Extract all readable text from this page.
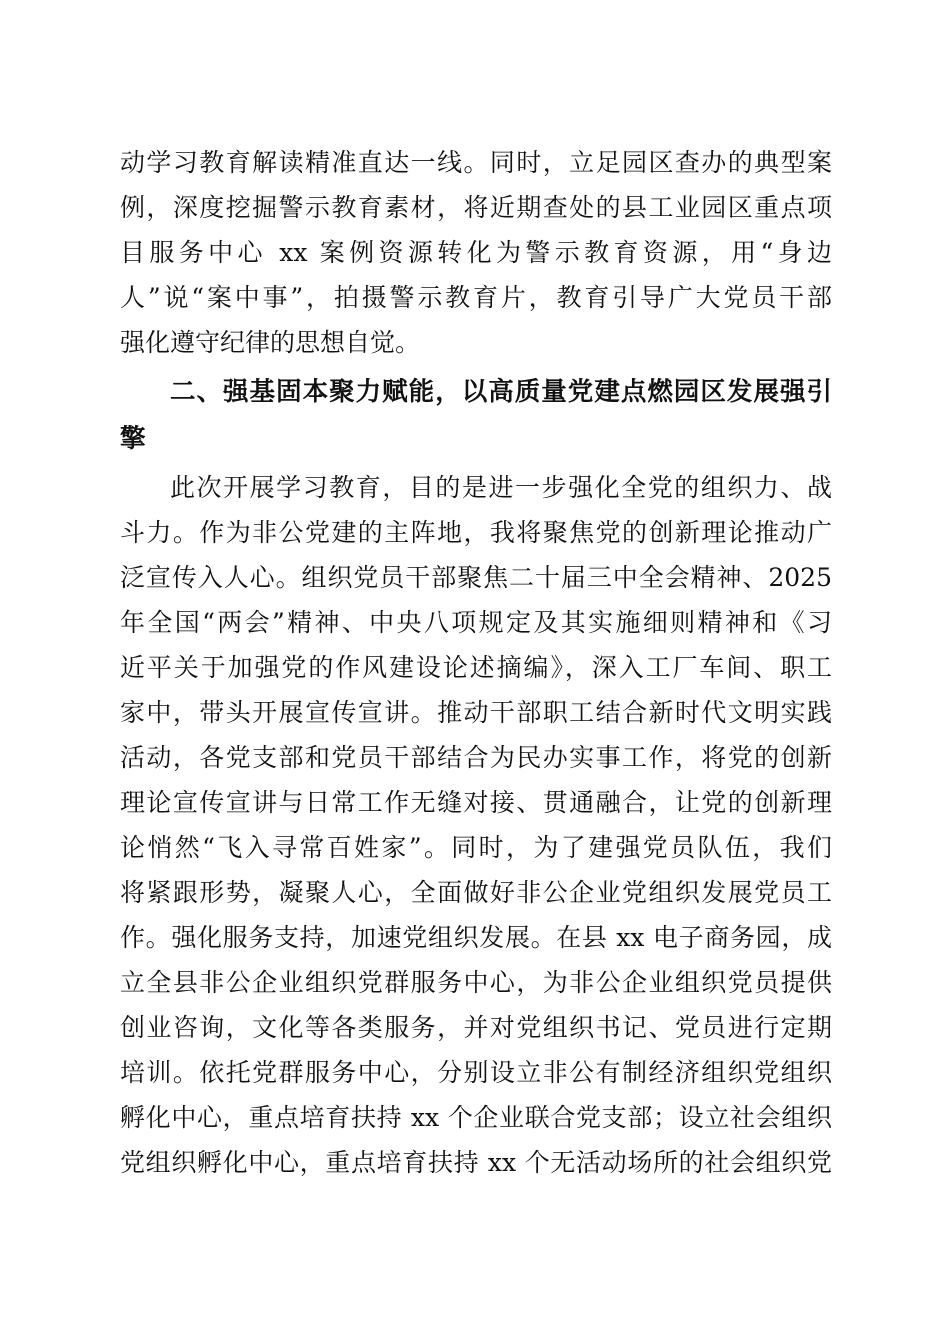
动学习教育解读精准直达一线。同时，立足园区查办的典型案
例，深度挖掘警示教育素材，将近期查处的县工业园区重点项
目服务中心 xx 案例资源转化为警示教育资源，用“身边
人”说“案中事”，拍摄警示教育片，教育引导广大党员干部
强化遵守纪律的思想自觉。
二、强基固本聚力赋能，以高质量党建点燃园区发展强引
擎
此次开展学习教育，目的是进一步强化全党的组织力、战
斗力。作为非公党建的主阵地，我将聚焦党的创新理论推动广
泛宣传入人心。组织党员干部聚焦二十届三中全会精神、2025
年全国“两会”精神、中央八项规定及其实施细则精神和《习
近平关于加强党的作风建设论述摘编》，深入工厂车间、职工
家中，带头开展宣传宣讲。推动干部职工结合新时代文明实践
活动，各党支部和党员干部结合为民办实事工作，将党的创新
理论宣传宣讲与日常工作无缝对接、贯通融合，让党的创新理
论悄然“飞入寻常百姓家”。同时，为了建强党员队伍，我们
将紧跟形势，凝聚人心，全面做好非公企业党组织发展党员工
作。强化服务支持，加速党组织发展。在县 xx 电子商务园，成
立全县非公企业组织党群服务中心，为非公企业组织党员提供
创业咨询，文化等各类服务，并对党组织书记、党员进行定期
培训。依托党群服务中心，分别设立非公有制经济组织党组织
孵化中心，重点培育扶持 xx 个企业联合党支部；设立社会组织
党组织孵化中心，重点培育扶持 xx 个无活动场所的社会组织党
